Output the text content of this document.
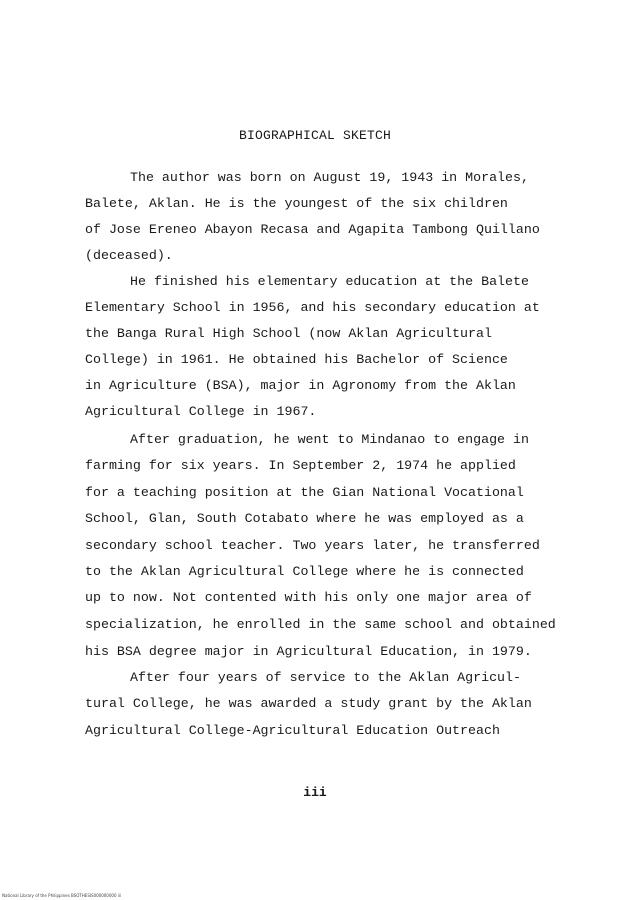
BIOGRAPHICAL SKETCH
The author was born on August 19, 1943 in Morales,
Balete, Aklan. He is the youngest of the six children
of Jose Ereneo Abayon Recasa and Agapita Tambong Quillano
(deceased).
He finished his elementary education at the Balete
Elementary School in 1956, and his secondary education at
the Banga Rural High School (now Aklan Agricultural
College) in 1961. He obtained his Bachelor of Science
in Agriculture (BSA), major in Agronomy from the Aklan
Agricultural College in 1967.
After graduation, he went to Mindanao to engage in
farming for six years. In September 2, 1974 he applied
for a teaching position at the Gian National Vocational
School, Glan, South Cotabato where he was employed as a
secondary school teacher. Two years later, he transferred
to the Aklan Agricultural College where he is connected
up to now. Not contented with his only one major area of
specialization, he enrolled in the same school and obtained
his BSA degree major in Agricultural Education, in 1979.
After four years of service to the Aklan Agricul-
tural College, he was awarded a study grant by the Aklan
Agricultural College-Agricultural Education Outreach
iii
National Library of the Philippines BSOTHESIS000000000 iii
